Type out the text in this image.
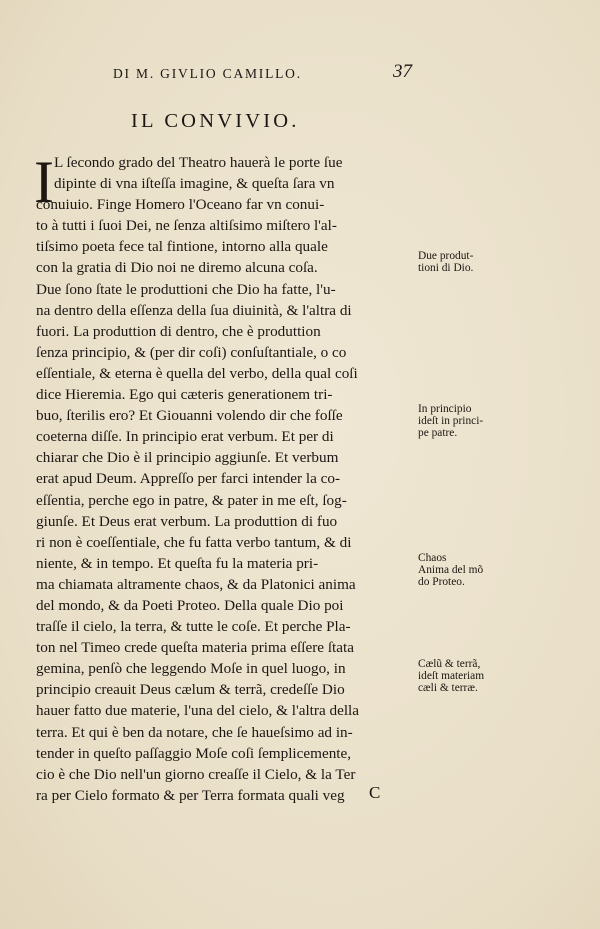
DI M. GIVLIO CAMILLO.	37
IL CONVIVIO.
I L ſecondo grado del Theatro hauerà le porte ſue
dipinte di vna iſteſſa imagine, & queſta ſara vn
conuiuio. Finge Homero l'Oceano far vn conui-
to à tutti i ſuoi Dei, ne ſenza altiſsimo miſtero l'al-
tiſsimo poeta fece tal fintione, intorno alla quale
con la gratia di Dio noi ne diremo alcuna coſa.
Due ſono ſtate le produttioni che Dio ha fatte, l'u-
na dentro della eſſenza della ſua diuinità, & l'altra di
fuori. La produttion di dentro, che è produttion
ſenza principio, & (per dir coſi) conſuſtantiale, o co
eſſentiale, & eterna è quella del verbo, della qual coſi
dice Hieremia. Ego qui cæteris generationem tri-
buo, ſterilis ero? Et Giouanni volendo dir che foſſe
coeterna diſſe. In principio erat verbum. Et per di
chiarar che Dio è il principio aggiunſe. Et verbum
erat apud Deum. Appreſſo per farci intender la co-
eſſentia, perche ego in patre, & pater in me eſt, ſog-
giunſe. Et Deus erat verbum. La produttion di fuo
ri non è coeſſentiale, che fu fatta verbo tantum, & di
niente, & in tempo. Et queſta fu la materia pri-
ma chiamata altramente chaos, & da Platonici anima
del mondo, & da Poeti Proteo. Della quale Dio poi
traſſe il cielo, la terra, & tutte le coſe. Et perche Pla-
ton nel Timeo crede queſta materia prima eſſere ſtata
gemina, penſò che leggendo Moſe in quel luogo, in
principio creauit Deus cælum & terrã, credeſſe Dio
hauer fatto due materie, l'una del cielo, & l'altra della
terra. Et qui è ben da notare, che ſe haueſsimo ad in-
tender in queſto paſſaggio Moſe coſi ſemplicemente,
cio è che Dio nell'un giorno creaſſe il Cielo, & la Ter
ra per Cielo formato & per Terra formata quali veg	C
Due produt-
tioni di Dio.
In principio
ideſt in princi-
pe patre.
Chaos
Anima del mõ
do Proteo.
Cælũ & terrã,
ideſt materiam
cæli & terræ.
